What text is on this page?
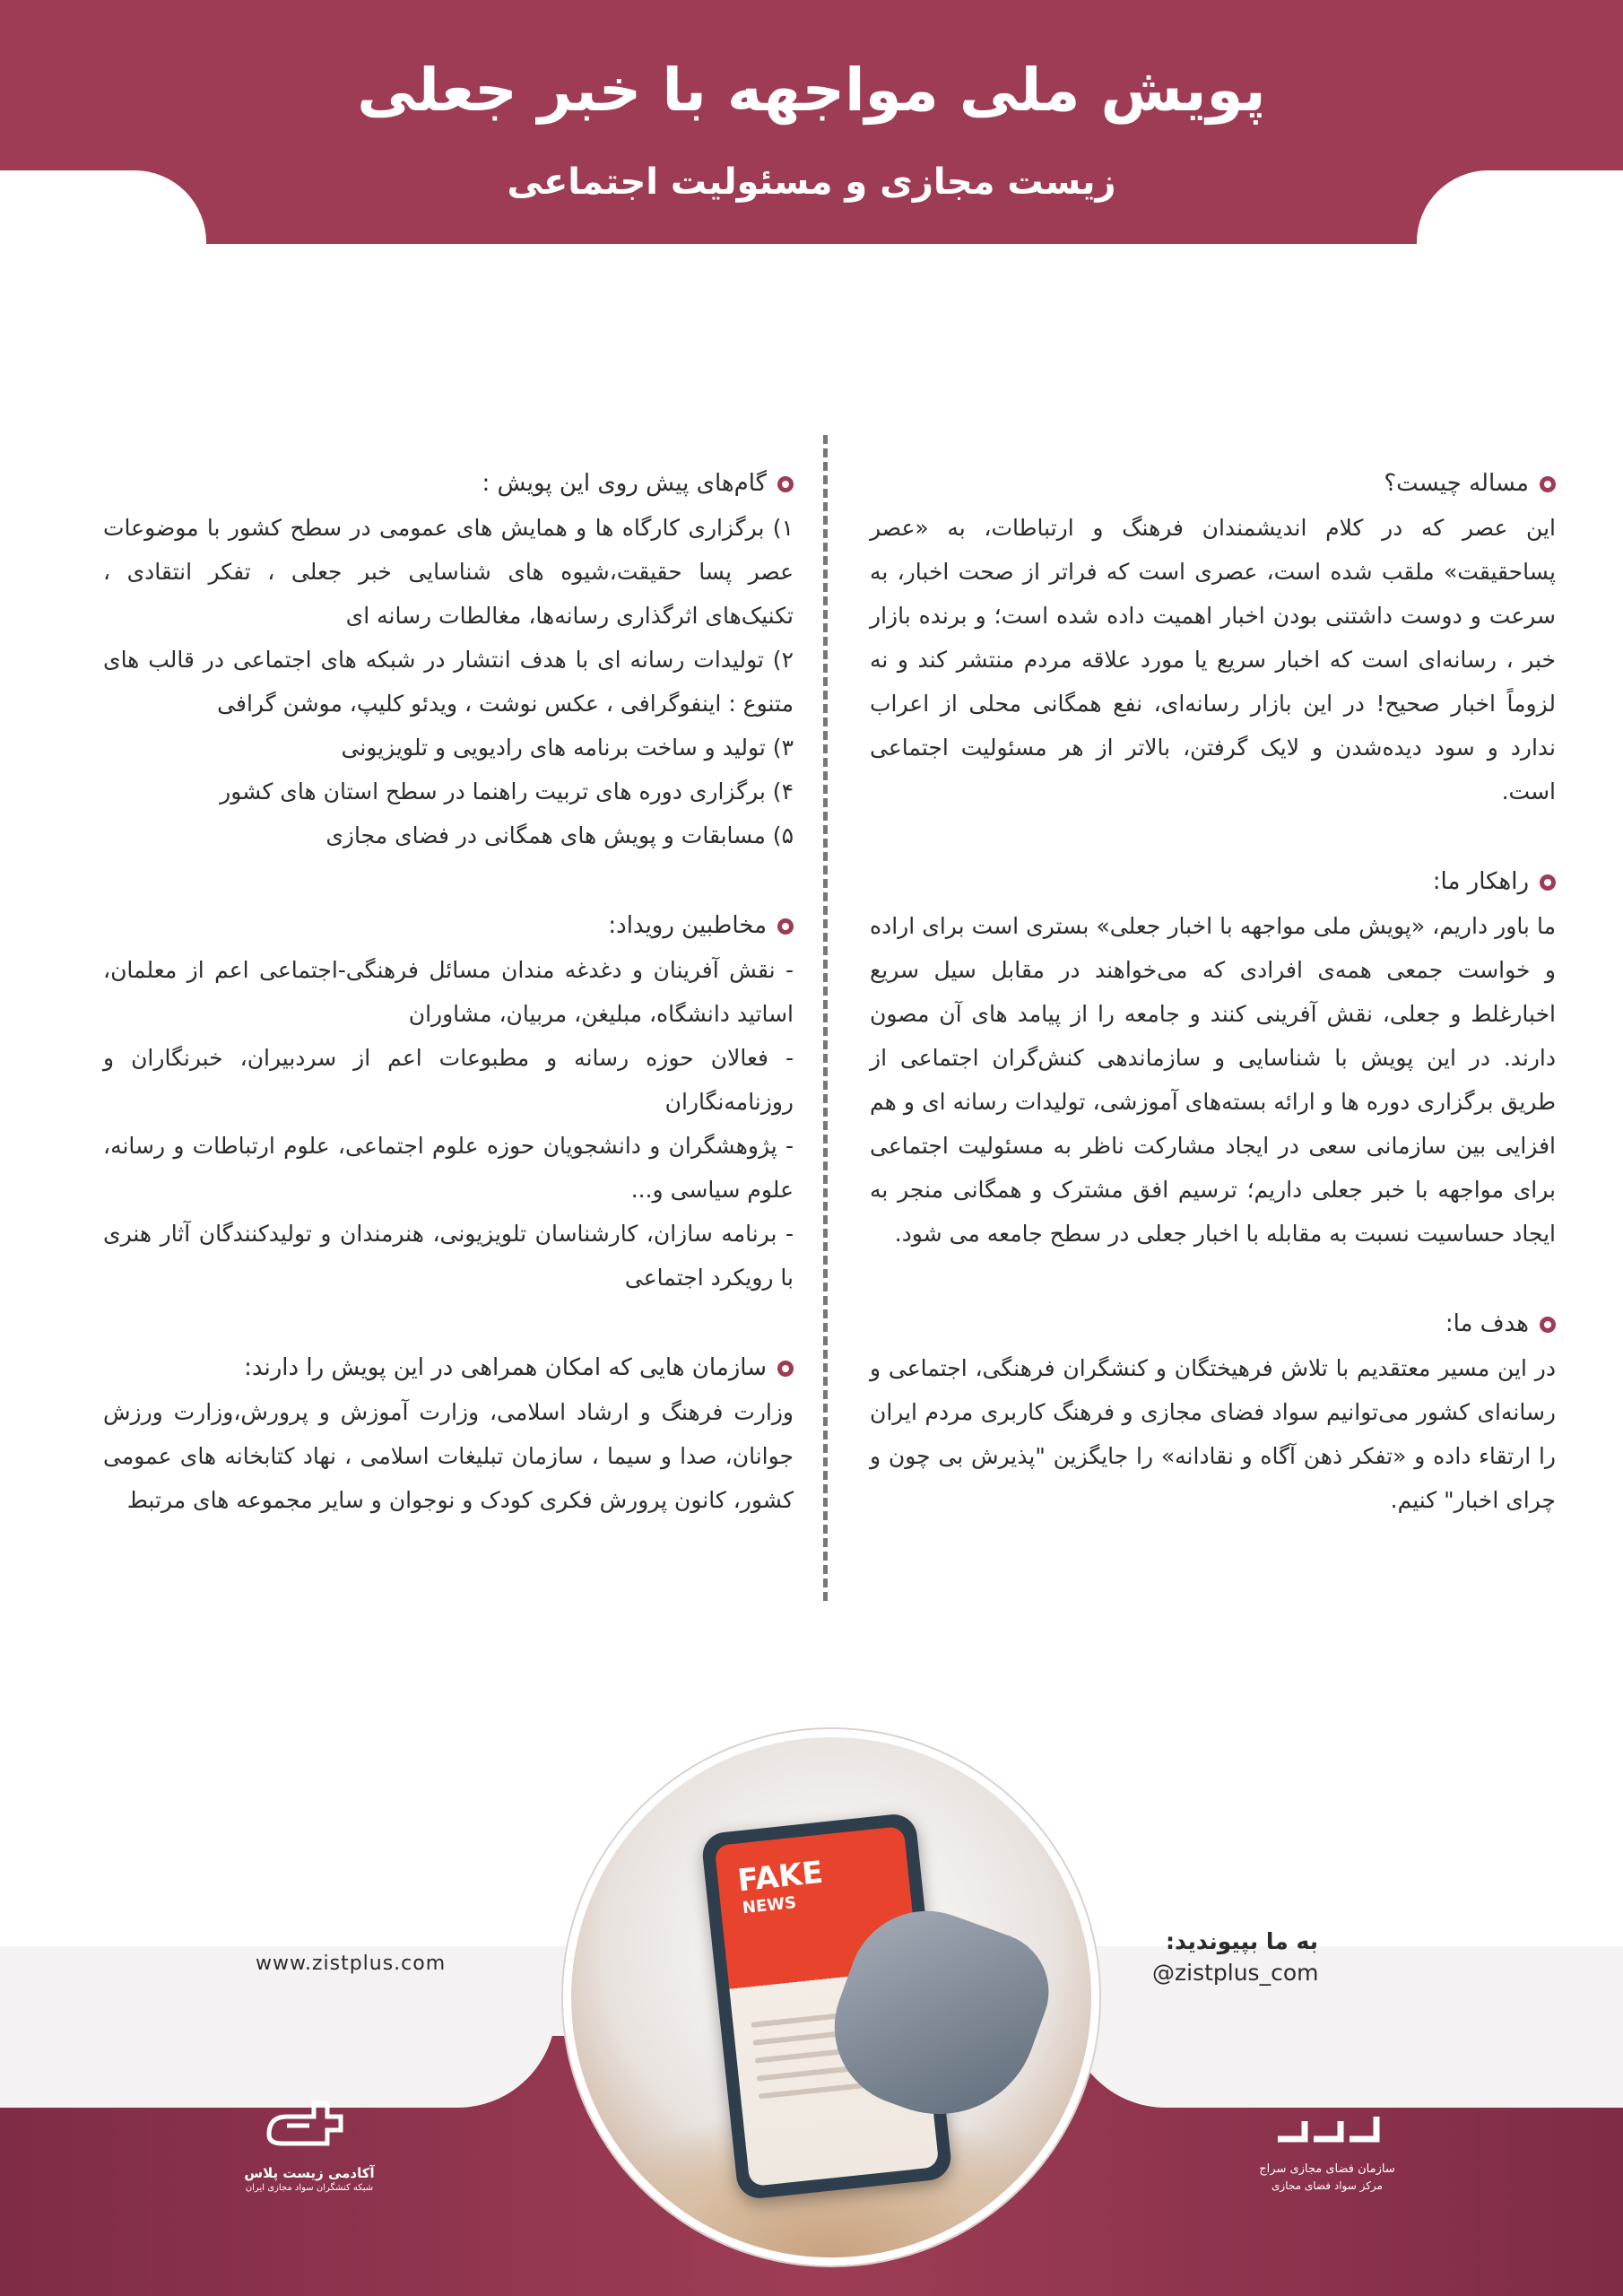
پویش ملی مواجهه با خبر جعلی
زیست مجازی و مسئولیت اجتماعی
مساله چیست؟
این عصر که در کلام اندیشمندان فرهنگ و ارتباطات، به «عصر پساحقیقت» ملقب شده است، عصری است که فراتر از صحت اخبار، به سرعت و دوست داشتنی بودن اخبار اهمیت داده شده است؛ و برنده بازار خبر ، رسانه‌ای است که اخبار سریع یا مورد علاقه مردم منتشر کند و نه لزوماً اخبار صحیح! در این بازار رسانه‌ای، نفع همگانی محلی از اعراب ندارد و سود دیدەشدن و لایک گرفتن، بالاتر از هر مسئولیت اجتماعی است.
راهکار ما:
ما باور داریم، «پویش ملی مواجهه با اخبار جعلی» بستری است برای اراده و خواست جمعی همه‌ی افرادی که می‌خواهند در مقابل سیل سریع اخبارغلط و جعلی، نقش آفرینی کنند و جامعه را از پیامد های آن مصون دارند. در این پویش با شناسایی و سازماندهی کنش‌گران اجتماعی از طریق برگزاری دوره ها و ارائه بسته‌های آموزشی، تولیدات رسانه ای و هم افزایی بین سازمانی سعی در ایجاد مشارکت ناظر به مسئولیت اجتماعی برای مواجهه با خبر جعلی داریم؛ ترسیم افق مشترک و همگانی منجر به ایجاد حساسیت نسبت به مقابله با اخبار جعلی در سطح جامعه می شود.
هدف ما:
در این مسیر معتقدیم با تلاش فرهیختگان و کنشگران فرهنگی، اجتماعی و رسانه‌ای کشور می‌توانیم سواد فضای مجازی و فرهنگ کاربری مردم ایران را ارتقاء داده و «تفکر ذهن آگاه و نقادانه» را جایگزین "پذیرش بی چون و چرای اخبار" کنیم.
گام‌های پیش روی این پویش :
۱) برگزاری کارگاه ها و همایش های عمومی در سطح کشور با موضوعات عصر پسا حقیقت،شیوه های شناسایی خبر جعلی ، تفکر انتقادی ، تکنیک‌های اثرگذاری رسانه‌ها، مغالطات رسانه ای
۲) تولیدات رسانه ای با هدف انتشار در شبکه های اجتماعی در قالب های متنوع : اینفوگرافی ، عکس نوشت ، ویدئو کلیپ، موشن گرافی
۳) تولید و ساخت برنامه های رادیویی و تلویزیونی
۴) برگزاری دوره های تربیت راهنما در سطح استان های کشور
۵) مسابقات و پویش های همگانی در فضای مجازی
مخاطبین رویداد:
- نقش آفرینان و دغدغه مندان مسائل فرهنگی-اجتماعی اعم از معلمان، اساتید دانشگاه، مبلیغن، مربیان، مشاوران
- فعالان حوزه رسانه و مطبوعات اعم از سردبیران، خبرنگاران و روزنامه‌نگاران
- پژوهشگران و دانشجویان حوزه علوم اجتماعی، علوم ارتباطات و رسانه، علوم سیاسی و...
- برنامه سازان، کارشناسان تلویزیونی، هنرمندان و تولیدکنندگان آثار هنری با رویکرد اجتماعی
سازمان هایی که امکان همراهی در این پویش را دارند:
وزارت فرهنگ و ارشاد اسلامی، وزارت آموزش و پرورش،وزارت ورزش جوانان، صدا و سیما ، سازمان تبلیغات اسلامی ، نهاد کتابخانه های عمومی کشور، کانون پرورش فکری کودک و نوجوان و سایر مجموعه های مرتبط
FAKE
NEWS
به ما بپیوندید:
@zistplus_com
www.zistplus.com
آکادمی زیست پلاس
شبکه کنشگران سواد مجازی ایران
سازمان فضای مجازی سراج
مرکز سواد فضای مجازی
